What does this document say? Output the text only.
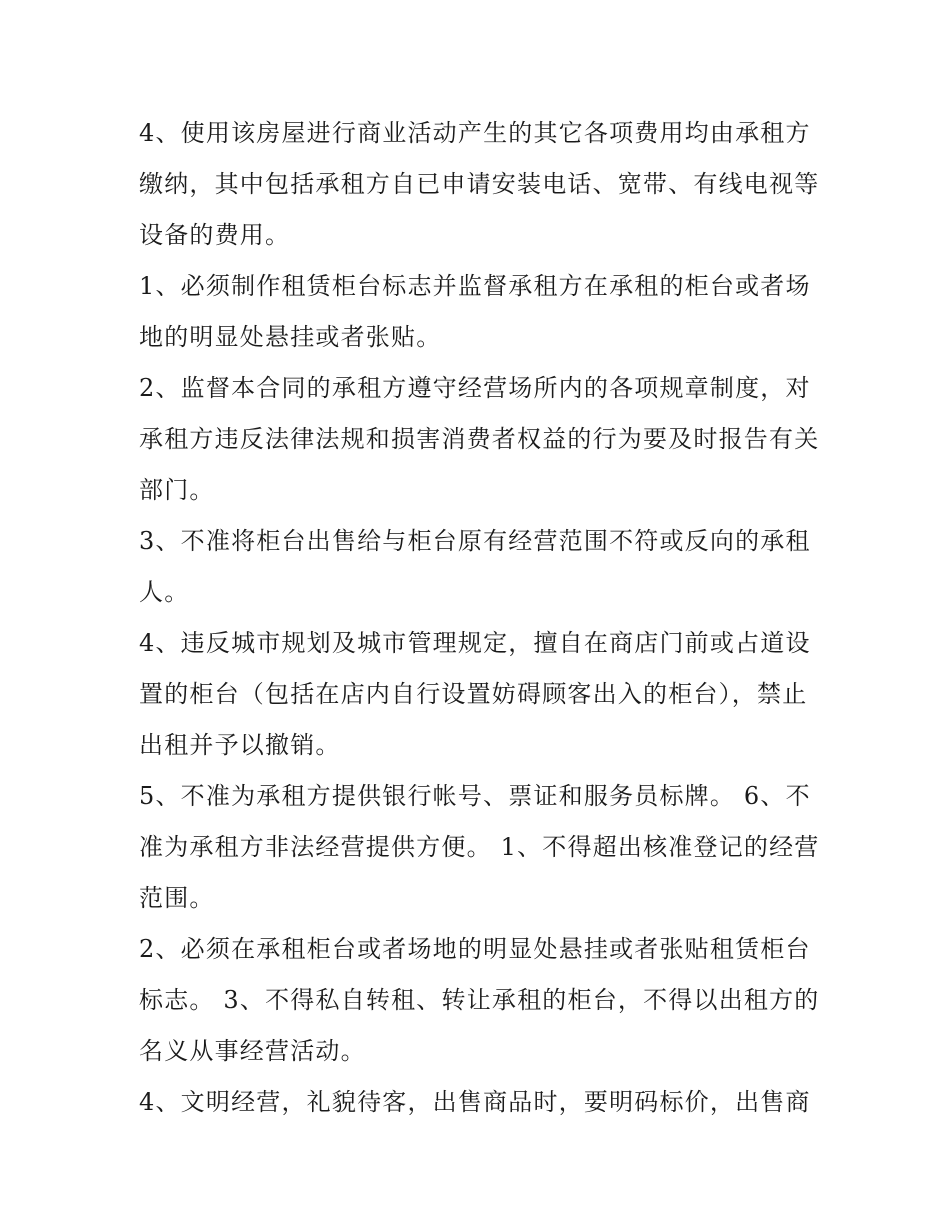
4、使用该房屋进行商业活动产生的其它各项费用均由承租方缴纳，其中包括承租方自已申请安装电话、宽带、有线电视等设备的费用。

1、必须制作租赁柜台标志并监督承租方在承租的柜台或者场地的明显处悬挂或者张贴。

2、监督本合同的承租方遵守经营场所内的各项规章制度，对承租方违反法律法规和损害消费者权益的行为要及时报告有关部门。

3、不准将柜台出售给与柜台原有经营范围不符或反向的承租人。

4、违反城市规划及城市管理规定，擅自在商店门前或占道设置的柜台（包括在店内自行设置妨碍顾客出入的柜台），禁止出租并予以撤销。

5、不准为承租方提供银行帐号、票证和服务员标牌。 6、不准为承租方非法经营提供方便。 1、不得超出核准登记的经营范围。

2、必须在承租柜台或者场地的明显处悬挂或者张贴租赁柜台标志。 3、不得私自转租、转让承租的柜台，不得以出租方的名义从事经营活动。

4、文明经营，礼貌待客，出售商品时，要明码标价，出售商
